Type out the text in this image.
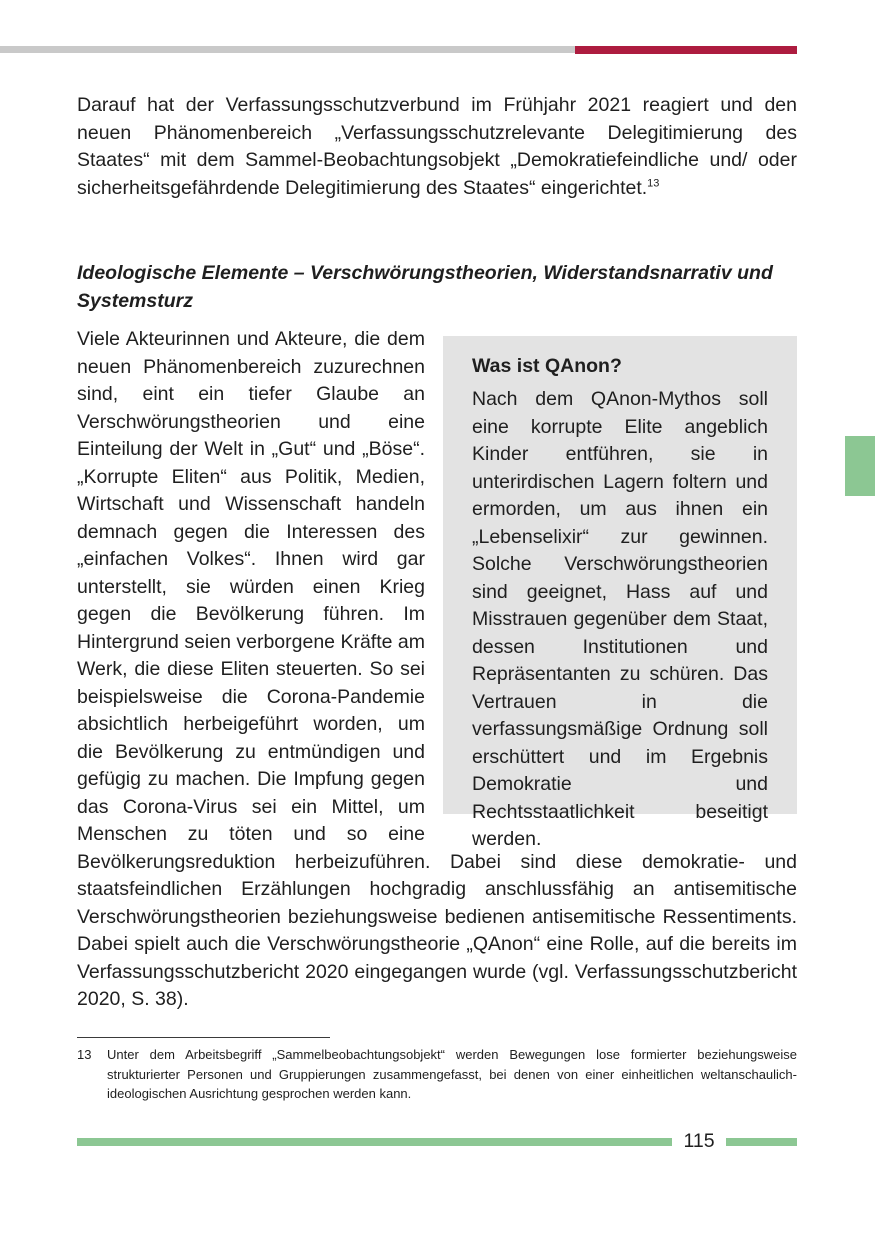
Darauf hat der Verfassungsschutzverbund im Frühjahr 2021 reagiert und den neuen Phänomenbereich „Verfassungsschutzrelevante Delegitimierung des Staates“ mit dem Sammel-Beobachtungsobjekt „Demokratiefeindliche und/ oder sicherheitsgefährdende Delegitimierung des Staates“ eingerichtet.$^{13}$

Ideologische Elemente – Verschwörungstheorien, Widerstandsnarrativ und Systemsturz
Was ist QAnon?

Nach dem QAnon-Mythos soll eine korrupte Elite angeblich Kinder entführen, sie in unterirdischen Lagern foltern und ermorden, um aus ihnen ein „Lebenselixir“ zur gewinnen. Solche Verschwörungstheorien sind geeignet, Hass auf und Misstrauen gegenüber dem Staat, dessen Institutionen und Repräsentanten zu schüren. Das Vertrauen in die verfassungsmäßige Ordnung soll erschüttert und im Ergebnis Demokratie und Rechtsstaatlichkeit beseitigt werden.

Viele Akteurinnen und Akteure, die dem neuen Phänomenbereich zuzurechnen sind, eint ein tiefer Glaube an Verschwörungstheorien und eine Einteilung der Welt in „Gut“ und „Böse“. „Korrupte Eliten“ aus Politik, Medien, Wirtschaft und Wissenschaft handeln demnach gegen die Interessen des „einfachen Volkes“. Ihnen wird gar unterstellt, sie würden einen Krieg gegen die Bevölkerung führen. Im Hintergrund seien verborgene Kräfte am Werk, die diese Eliten steuerten. So sei beispielsweise die Corona-Pandemie absichtlich herbeigeführt worden, um die Bevölkerung zu entmündigen und gefügig zu machen. Die Impfung gegen das Corona-Virus sei ein Mittel, um Menschen zu töten und so eine Bevölkerungsreduktion herbeizuführen. Dabei sind diese demokratie- und staatsfeindlichen Erzählungen hochgradig anschlussfähig an antisemitische Verschwörungstheorien beziehungsweise bedienen antisemitische Ressentiments. Dabei spielt auch die Verschwörungstheorie „QAnon“ eine Rolle, auf die bereits im Verfassungsschutzbericht 2020 eingegangen wurde (vgl. Verfassungsschutzbericht 2020, S. 38).
13	Unter dem Arbeitsbegriff „Sammelbeobachtungsobjekt“ werden Bewegungen lose formierter beziehungsweise strukturierter Personen und Gruppierungen zusammengefasst, bei denen von einer einheitlichen weltanschaulich-ideologischen Ausrichtung gesprochen werden kann.
115
